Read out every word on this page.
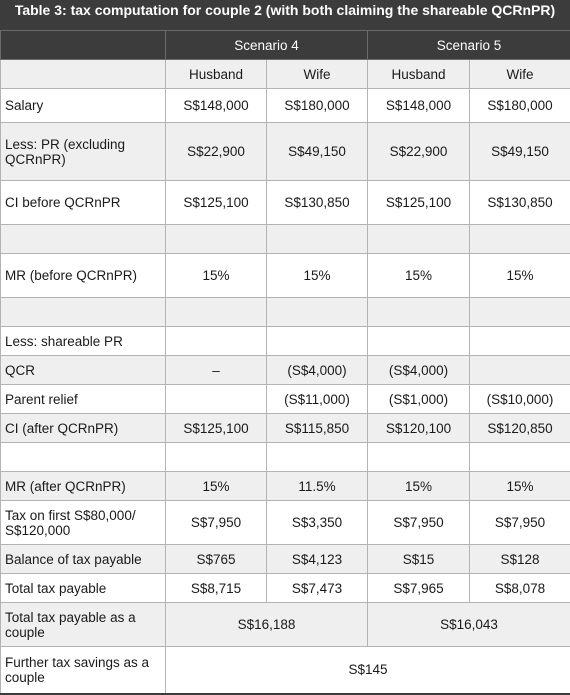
Table 3: tax computation for couple 2 (with both claiming the shareable QCRnPR)
	Scenario 4		Scenario 5	
	Husband	Wife	Husband	Wife
Salary	S$148,000	S$180,000	S$148,000	S$180,000
Less: PR (excluding QCRnPR)	S$22,900	S$49,150	S$22,900	S$49,150
CI before QCRnPR	S$125,100	S$130,850	S$125,100	S$130,850

MR (before QCRnPR)	15%	15%	15%	15%

Less: shareable PR				
QCR	–	(S$4,000)	(S$4,000)	
Parent relief		(S$11,000)	(S$1,000)	(S$10,000)
CI (after QCRnPR)	S$125,100	S$115,850	S$120,100	S$120,850

MR (after QCRnPR)	15%	11.5%	15%	15%
Tax on first S$80,000/ S$120,000	S$7,950	S$3,350	S$7,950	S$7,950
Balance of tax payable	S$765	S$4,123	S$15	S$128
Total tax payable	S$8,715	S$7,473	S$7,965	S$8,078
Total tax payable as a couple	S$16,188		S$16,043	
Further tax savings as a couple	S$145			
